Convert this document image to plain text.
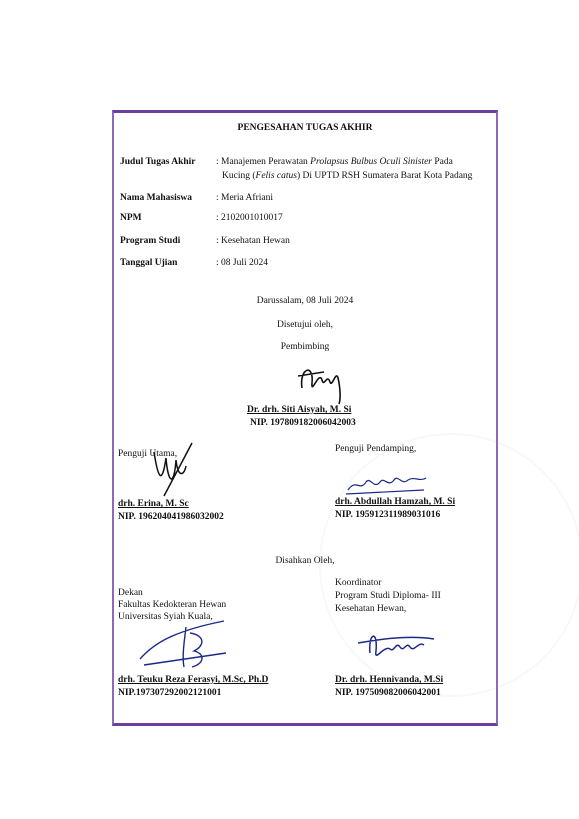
PENGESAHAN TUGAS AKHIR
Judul Tugas Akhir : Manajemen Perawatan Prolapsus Bulbus Oculi Sinister Pada
Kucing (Felis catus) Di UPTD RSH Sumatera Barat Kota Padang
Nama Mahasiswa	: Meria Afriani
NPM	: 2102001010017
Program Studi	: Kesehatan Hewan
Tanggal Ujian	: 08 Juli 2024
Darussalam, 08 Juli 2024
Disetujui oleh,
Pembimbing
Dr. drh. Siti Aisyah, M. Si
NIP. 197809182006042003
Penguji Utama,
drh. Erina, M. Sc
NIP. 196204041986032002
Penguji Pendamping,
drh. Abdullah Hamzah, M. Si
NIP. 195912311989031016
Disahkan Oleh,
Dekan
Fakultas Kedokteran Hewan
Universitas Syiah Kuala,
drh. Teuku Reza Ferasyi, M.Sc, Ph.D
NIP.197307292002121001
Koordinator
Program Studi Diploma- III
Kesehatan Hewan,
Dr. drh. Hennivanda, M.Si
NIP. 197509082006042001
